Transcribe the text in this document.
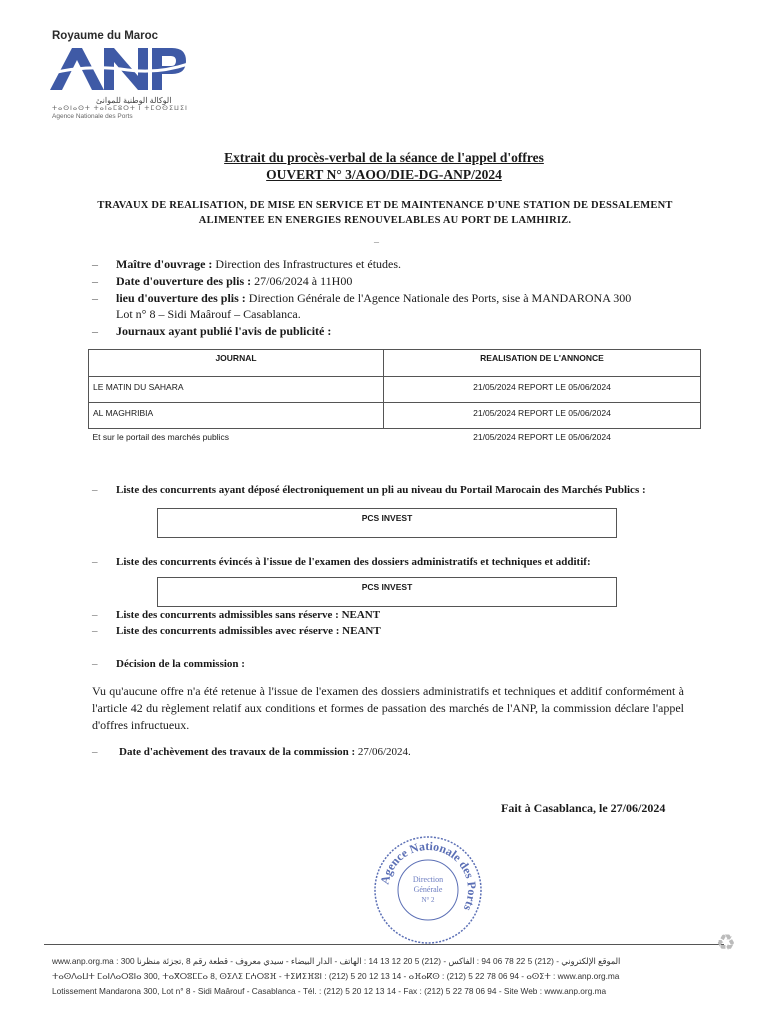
Royaume du Maroc
الوكالة الوطنية للموانئ
ⵜⴰⵙⵏⴰⵙⵜ ⵜⴰⵏⴰⵎⵓⵔⵜ ⵏ ⵜⵎⵔⵙⵉⵡⵉⵏ
Agence Nationale des Ports
Extrait du procès-verbal de la séance de l'appel d'offres
OUVERT N° 3/AOO/DIE-DG-ANP/2024
TRAVAUX DE REALISATION, DE MISE EN SERVICE ET DE MAINTENANCE D'UNE STATION DE DESSALEMENT ALIMENTEE EN ENERGIES RENOUVELABLES AU PORT DE LAMHIRIZ.
–
– Maître d'ouvrage : Direction des Infrastructures et études.
– Date d'ouverture des plis : 27/06/2024 à 11H00
– lieu d'ouverture des plis : Direction Générale de l'Agence Nationale des Ports, sise à MANDARONA 300
Lot n° 8 – Sidi Maârouf – Casablanca.
– Journaux ayant publié l'avis de publicité :
JOURNAL	REALISATION DE L'ANNONCE
LE MATIN DU SAHARA	21/05/2024 REPORT LE 05/06/2024
AL MAGHRIBIA	21/05/2024 REPORT LE 05/06/2024
Et sur le portail des marchés publics	21/05/2024 REPORT LE 05/06/2024
– Liste des concurrents ayant déposé électroniquement un pli au niveau du Portail Marocain des Marchés Publics :
PCS INVEST
– Liste des concurrents évincés à l'issue de l'examen des dossiers administratifs et techniques et additif:
PCS INVEST
– Liste des concurrents admissibles sans réserve : NEANT
– Liste des concurrents admissibles avec réserve : NEANT
– Décision de la commission :
Vu qu'aucune offre n'a été retenue à l'issue de l'examen des dossiers administratifs et techniques et additif conformément à l'article 42 du règlement relatif aux conditions et formes de passation des marchés de l'ANP, la commission déclare l'appel d'offres infructueux.
– Date d'achèvement des travaux de la commission : 27/06/2024.
Fait à Casablanca, le 27/06/2024
Agence Nationale des Ports
Direction
Générale
N° 2
♻
www.anp.org.ma : الموقع الإلكتروني - (212) 5 22 78 06 94 : الفاكس - (212) 5 20 12 13 14 : الهاتف - الدار البيضاء - سيدي معروف - قطعة رقم 8 ,تجزئة منظرنا 300
ⵜⴰⵙⴷⴰⵡⵜ ⵎⴰⵏⴷⴰⵔⵓⵏⴰ 300, ⵜⴰⴳⵔⵓⵎⵎⴰ 8, ⵙⵉⴷⵉ ⵎⵄⵔⵓⴼ - ⵜⵉⵍⵉⴼⵓⵏ : (212) 5 20 12 13 14 - ⴰⴼⴰⴽⵙ : (212) 5 22 78 06 94 - ⴰⵙⵉⵜ : www.anp.org.ma
Lotissement Mandarona 300, Lot n° 8 - Sidi Maârouf - Casablanca - Tél. : (212) 5 20 12 13 14 - Fax : (212) 5 22 78 06 94 - Site Web : www.anp.org.ma
